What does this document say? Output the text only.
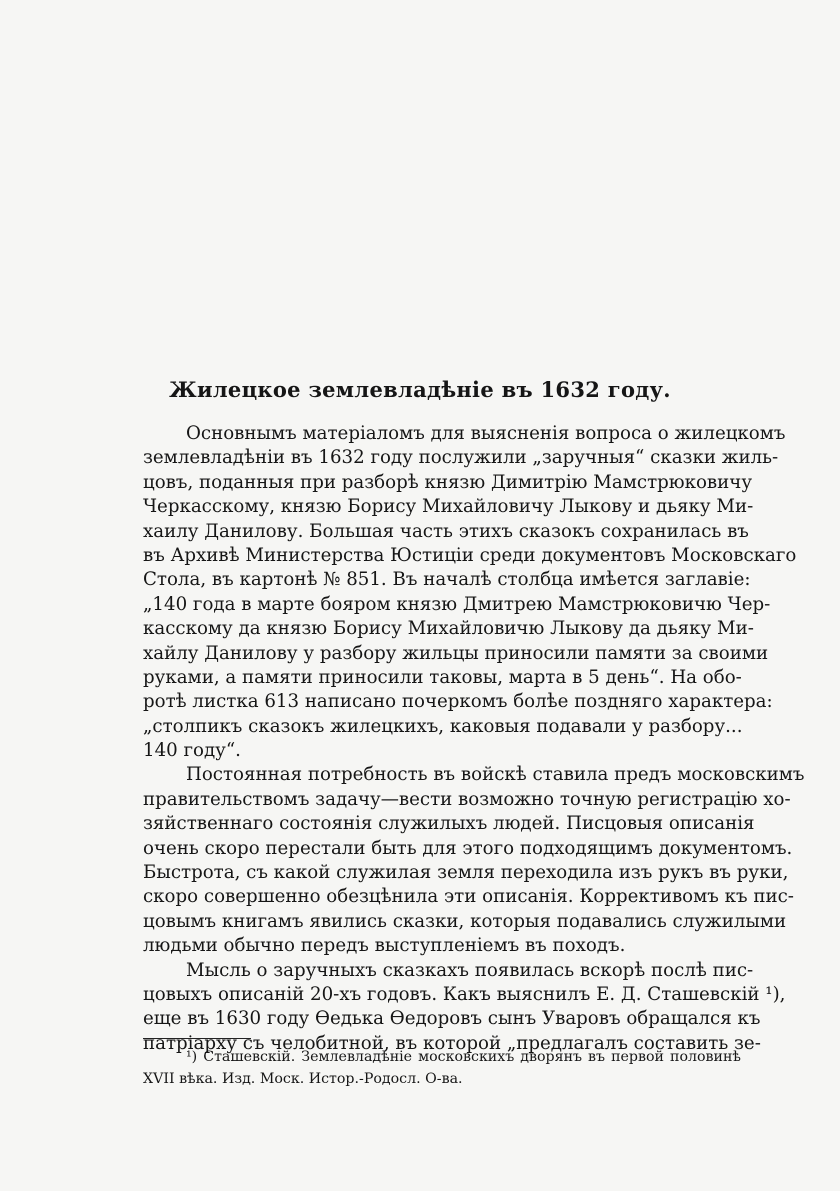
Жилецкое землевладѣніе въ 1632 году.
Основнымъ матеріаломъ для выясненія вопроса о жилецкомъ
землевладѣніи въ 1632 году послужили „заручныя“ сказки жиль-
цовъ, поданныя при разборѣ князю Димитрію Мамстрюковичу
Черкасскому, князю Борису Михайловичу Лыкову и дьяку Ми-
хаилу Данилову. Большая часть этихъ сказокъ сохранилась въ
въ Архивѣ Министерства Юстиціи среди документовъ Московскаго
Стола, въ картонѣ № 851. Въ началѣ столбца имѣется заглавіе:
„140 года в марте бояром князю Дмитрею Мамстрюковичю Чер-
касскому да князю Борису Михайловичю Лыкову да дьяку Ми-
хайлу Данилову у разбору жильцы приносили памяти за своими
руками, а памяти приносили таковы, марта в 5 день“. На обо-
ротѣ листка 613 написано почеркомъ болѣе поздняго характера:
„столпикъ сказокъ жилецкихъ, каковыя подавали у разбору...
140 году“.
Постоянная потребность въ войскѣ ставила предъ московскимъ
правительствомъ задачу—вести возможно точную регистрацію хо-
зяйственнаго состоянія служилыхъ людей. Писцовыя описанія
очень скоро перестали быть для этого подходящимъ документомъ.
Быстрота, съ какой служилая земля переходила изъ рукъ въ руки,
скоро совершенно обезцѣнила эти описанія. Коррективомъ къ пис-
цовымъ книгамъ явились сказки, которыя подавались служилыми
людьми обычно передъ выступленіемъ въ походъ.
Мысль о заручныхъ сказкахъ появилась вскорѣ послѣ пис-
цовыхъ описаній 20-хъ годовъ. Какъ выяснилъ Е. Д. Сташевскій ¹),
еще въ 1630 году Ѳедька Ѳедоровъ сынъ Уваровъ обращался къ
патріарху съ челобитной, въ которой „предлагалъ составить зе-
¹) Сташевскій. Землевладѣніе московскихъ дворянъ въ первой половинѣ
XVII вѣка. Изд. Моск. Истор.-Родосл. О-ва.
